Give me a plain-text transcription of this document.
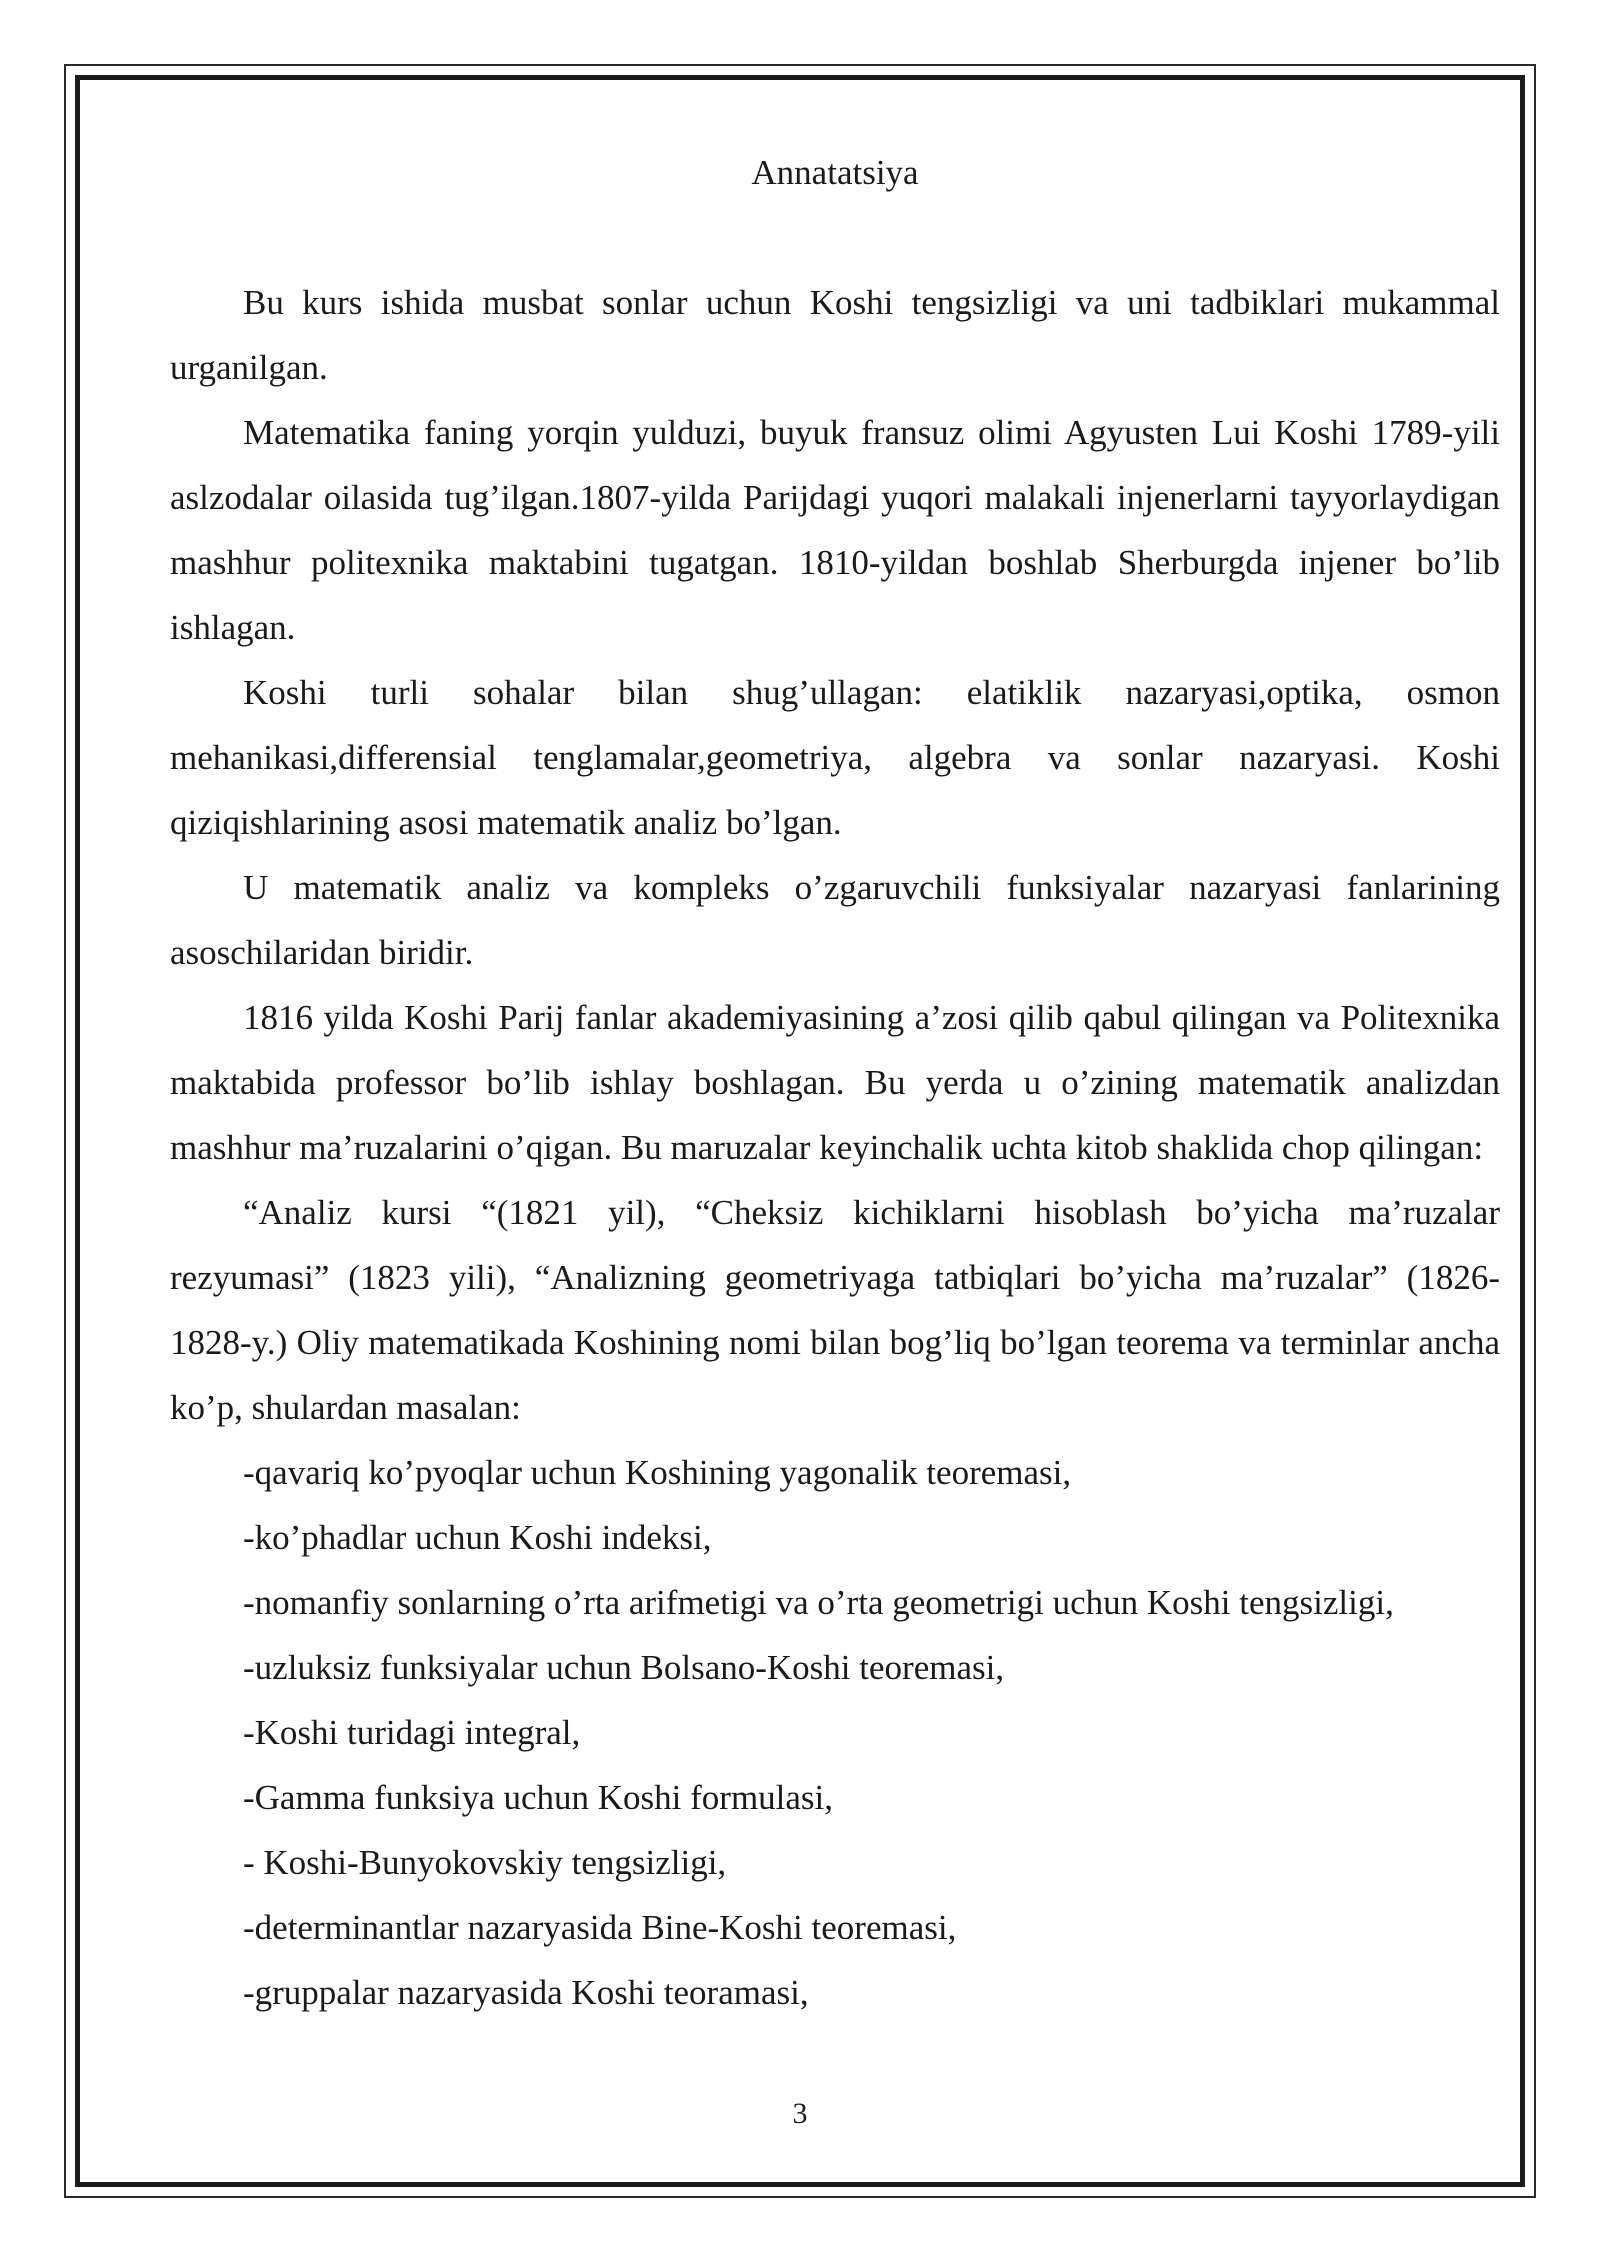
Annatatsiya

Bu kurs ishida musbat sonlar uchun Koshi tengsizligi va uni tadbiklari mukammal urganilgan.

Matematika faning yorqin yulduzi, buyuk fransuz olimi Agyusten Lui Koshi 1789-yili aslzodalar oilasida tug’ilgan.1807-yilda Parijdagi yuqori malakali injenerlarni tayyorlaydigan mashhur politexnika maktabini tugatgan. 1810-yildan boshlab Sherburgda injener bo’lib ishlagan.

Koshi turli sohalar bilan shug’ullagan: elatiklik nazaryasi,optika, osmon mehanikasi,differensial tenglamalar,geometriya, algebra va sonlar nazaryasi. Koshi qiziqishlarining asosi matematik analiz bo’lgan.

U matematik analiz va kompleks o’zgaruvchili funksiyalar nazaryasi fanlarining asoschilaridan biridir.

1816 yilda Koshi Parij fanlar akademiyasining a’zosi qilib qabul qilingan va Politexnika maktabida professor bo’lib ishlay boshlagan. Bu yerda u o’zining matematik analizdan mashhur ma’ruzalarini o’qigan. Bu maruzalar keyinchalik uchta kitob shaklida chop qilingan:

“Analiz kursi “(1821 yil), “Cheksiz kichiklarni hisoblash bo’yicha ma’ruzalar rezyumasi” (1823 yili), “Analizning geometriyaga tatbiqlari bo’yicha ma’ruzalar” (1826-1828-y.) Oliy matematikada Koshining nomi bilan bog’liq bo’lgan teorema va terminlar ancha ko’p, shulardan masalan:

-qavariq ko’pyoqlar uchun Koshining yagonalik teoremasi,
-ko’phadlar uchun Koshi indeksi,
-nomanfiy sonlarning o’rta arifmetigi va o’rta geometrigi uchun Koshi tengsizligi,
-uzluksiz funksiyalar uchun Bolsano-Koshi teoremasi,
-Koshi turidagi integral,
-Gamma funksiya uchun Koshi formulasi,
- Koshi-Bunyokovskiy tengsizligi,
-determinantlar nazaryasida Bine-Koshi teoremasi,
-gruppalar nazaryasida Koshi teoramasi,
3
